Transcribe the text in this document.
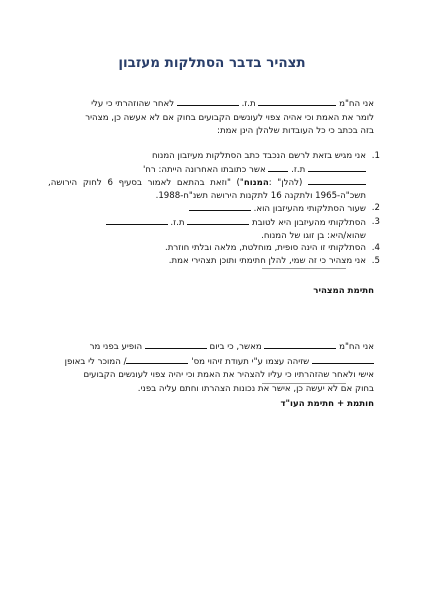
תצהיר בדבר הסתלקות מעזבון
אני הח"מ  ת.ז.  לאחר שהוזהרתי כי עלי
לומר את האמת וכי אהיה צפוי לעונשים הקבועים בחוק אם לא אעשה כן, מצהיר
בזה בכתב כי כל העובדות שלהלן הינן אמת:
1.
אני מגיש בזאת לרשם הנכבד כתב הסתלקות מעיזבון המנוח
ת.ז.  אשר כתובתו האחרונה הייתה: רח'
(להלן" :המנוח") "וזאת בהתאם לאמור בסעיף 6 לחוק הירושה, תשכ"ה-1965 ולתקנה 16 לתקנות הירושה תשנ"ח-1988.
2.
שעור הסתלקותי מהעיזבון הוא.
3.
הסתלקותי מהעיזבון היא לטובת  ת.ז.
שהוא/היא: בן זוגו של המנוח.
4.
הסתלקותי זו הינה סופית, מוחלטת, מלאה ובלתי חוזרת.
5.
אני מצהיר כי זה שמי, להלן חתימתי ותוכן תצהירי אמת.
חתימת המצהיר
אני הח"מ  מאשר, כי ביום  הופיע בפני מר
שזיהה עצמו ע"י תעודת זיהוי מס' / המוכר לי באופן
אישי ולאחר שהזהרתיו כי עליו להצהיר את האמת וכי יהיה צפוי לעונשים הקבועים
בחוק אם לא יעשה כן, אישר את נכונות הצהרתו וחתם עליה בפני.
חותמת + חתימת העו"ד
